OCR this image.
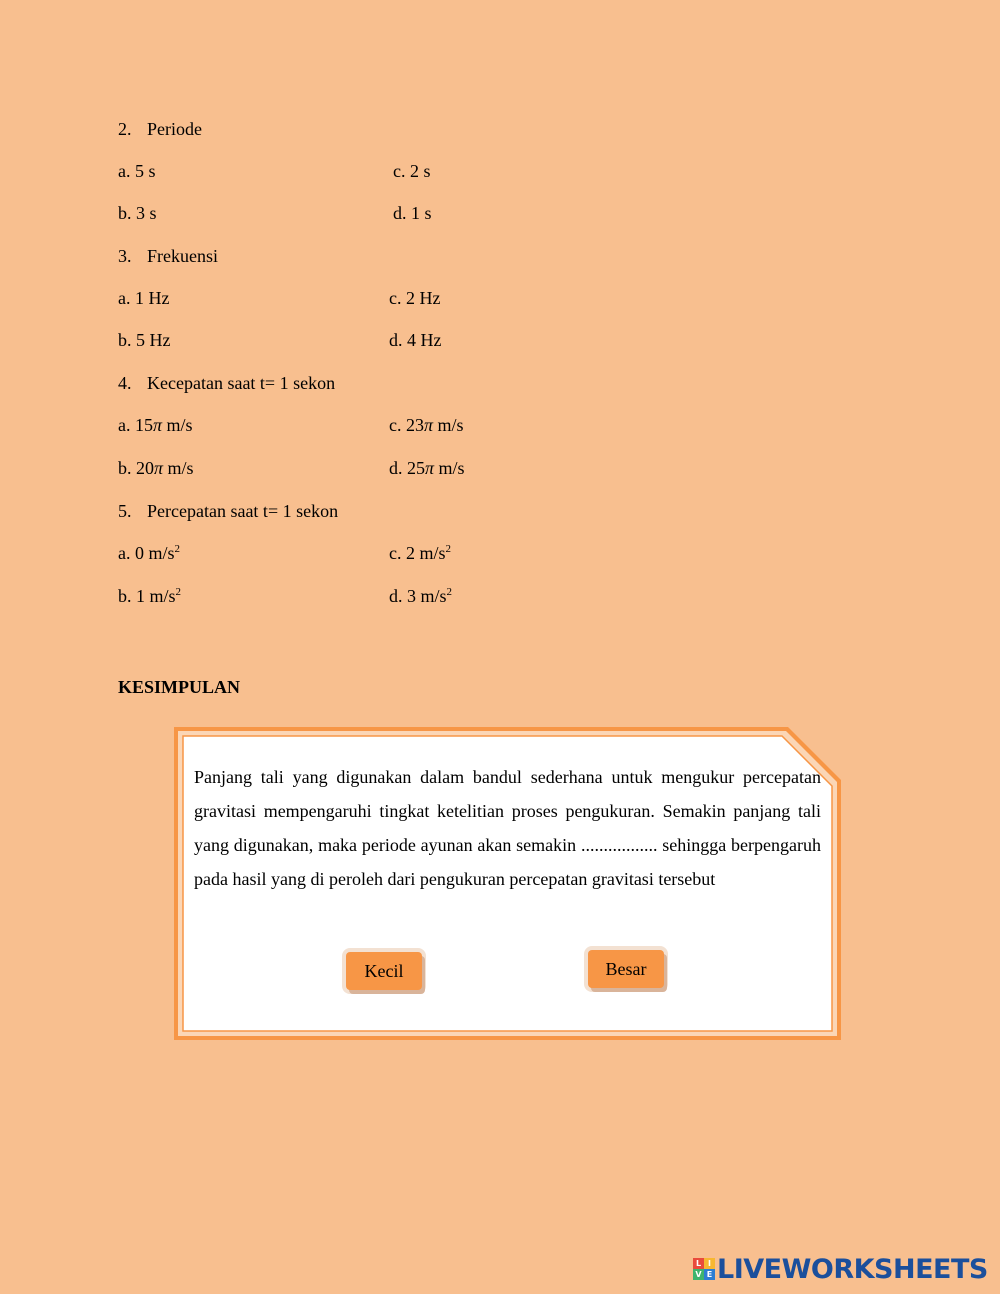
2. Periode
a. 5 s	c. 2 s
b. 3 s	d. 1 s
3. Frekuensi
a. 1 Hz	c. 2 Hz
b. 5 Hz	d. 4 Hz
4. Kecepatan saat t= 1 sekon
a. 15π m/s	c. 23π m/s
b. 20π m/s	d. 25π m/s
5. Percepatan saat t= 1 sekon
a. 0 $m/s^2$	c. 2 $m/s^2$
b. 1 $m/s^2$	d. 3 $m/s^2$
KESIMPULAN

Panjang tali yang digunakan dalam bandul sederhana untuk mengukur percepatan gravitasi mempengaruhi tingkat ketelitian proses pengukuran. Semakin panjang tali yang digunakan, maka periode ayunan akan semakin ................. sehingga berpengaruh pada hasil yang di peroleh dari pengukuran percepatan gravitasi tersebut

Kecil	Besar
L I
V E LIVEWORKSHEETS
